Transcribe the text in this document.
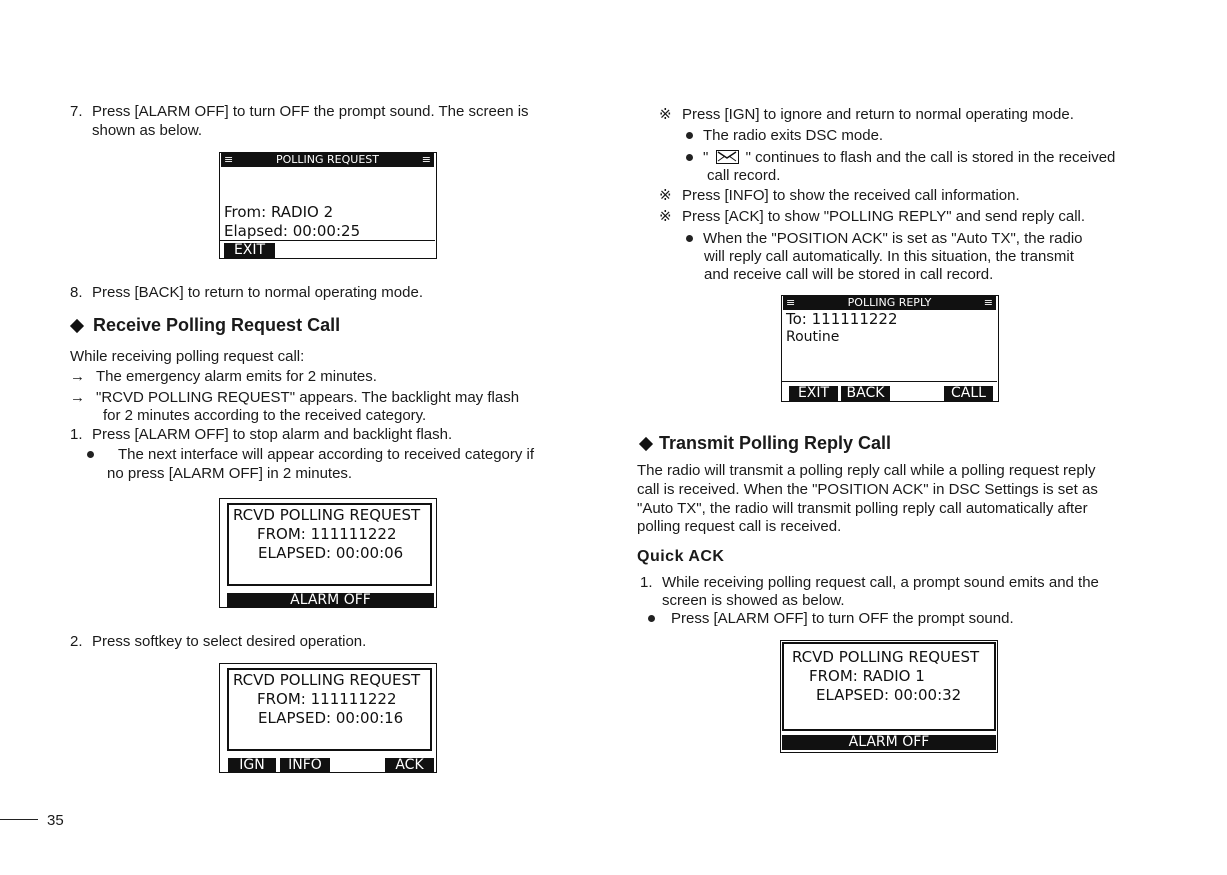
7. Press [ALARM OFF] to turn OFF the prompt sound. The screen is
shown as below.
≡	POLLING REQUEST	≡
From: RADIO 2
Elapsed: 00:00:25
EXIT
8. Press [BACK] to return to normal operating mode.
Receive Polling Request Call
While receiving polling request call:
→ The emergency alarm emits for 2 minutes.
→ "RCVD POLLING REQUEST" appears. The backlight may flash
for 2 minutes according to the received category.
1. Press [ALARM OFF] to stop alarm and backlight flash.
The next interface will appear according to received category if
no press [ALARM OFF] in 2 minutes.
RCVD POLLING REQUEST
FROM: 111111222
ELAPSED: 00:00:06
ALARM OFF
2. Press softkey to select desired operation.
RCVD POLLING REQUEST
FROM: 111111222
ELAPSED: 00:00:16
IGN	INFO	ACK
35
※ Press [IGN] to ignore and return to normal operating mode.
The radio exits DSC mode.
" " continues to flash and the call is stored in the received
call record.
※ Press [INFO] to show the received call information.
※ Press [ACK] to show "POLLING REPLY" and send reply call.
When the "POSITION ACK" is set as "Auto TX", the radio
will reply call automatically. In this situation, the transmit
and receive call will be stored in call record.
≡	POLLING REPLY	≡
To: 111111222
Routine
EXIT	BACK	CALL
Transmit Polling Reply Call
The radio will transmit a polling reply call while a polling request reply
call is received. When the "POSITION ACK" in DSC Settings is set as
"Auto TX", the radio will transmit polling reply call automatically after
polling request call is received.
Quick ACK
1. While receiving polling request call, a prompt sound emits and the
screen is showed as below.
Press [ALARM OFF] to turn OFF the prompt sound.
RCVD POLLING REQUEST
FROM: RADIO 1
ELAPSED: 00:00:32
ALARM OFF
